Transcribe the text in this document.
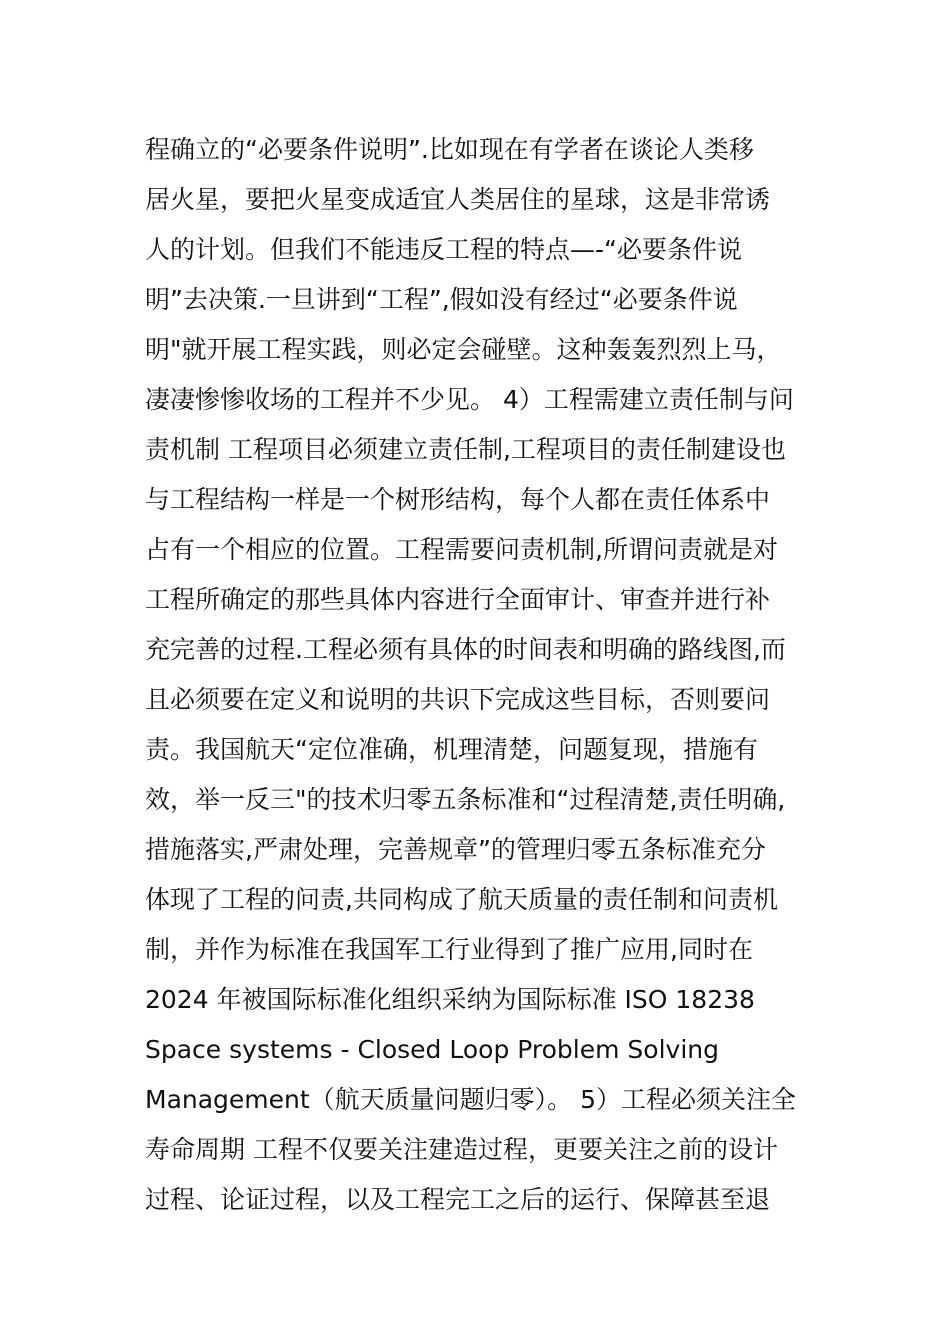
程确立的“必要条件说明”.比如现在有学者在谈论人类移
居火星，要把火星变成适宜人类居住的星球，这是非常诱
人的计划。但我们不能违反工程的特点—-“必要条件说
明”去决策.一旦讲到“工程”,假如没有经过“必要条件说
明"就开展工程实践，则必定会碰壁。这种轰轰烈烈上马，
凄凄惨惨收场的工程并不少见。 4）工程需建立责任制与问
责机制 工程项目必须建立责任制,工程项目的责任制建设也
与工程结构一样是一个树形结构，每个人都在责任体系中
占有一个相应的位置。工程需要问责机制,所谓问责就是对
工程所确定的那些具体内容进行全面审计、审查并进行补
充完善的过程.工程必须有具体的时间表和明确的路线图,而
且必须要在定义和说明的共识下完成这些目标，否则要问
责。我国航天“定位准确，机理清楚，问题复现，措施有
效，举一反三"的技术归零五条标准和“过程清楚,责任明确,
措施落实,严肃处理，完善规章”的管理归零五条标准充分
体现了工程的问责,共同构成了航天质量的责任制和问责机
制，并作为标准在我国军工行业得到了推广应用,同时在
2024 年被国际标准化组织采纳为国际标准 ISO 18238
Space systems - Closed Loop Problem Solving
Management（航天质量问题归零）。 5）工程必须关注全
寿命周期 工程不仅要关注建造过程，更要关注之前的设计
过程、论证过程，以及工程完工之后的运行、保障甚至退
